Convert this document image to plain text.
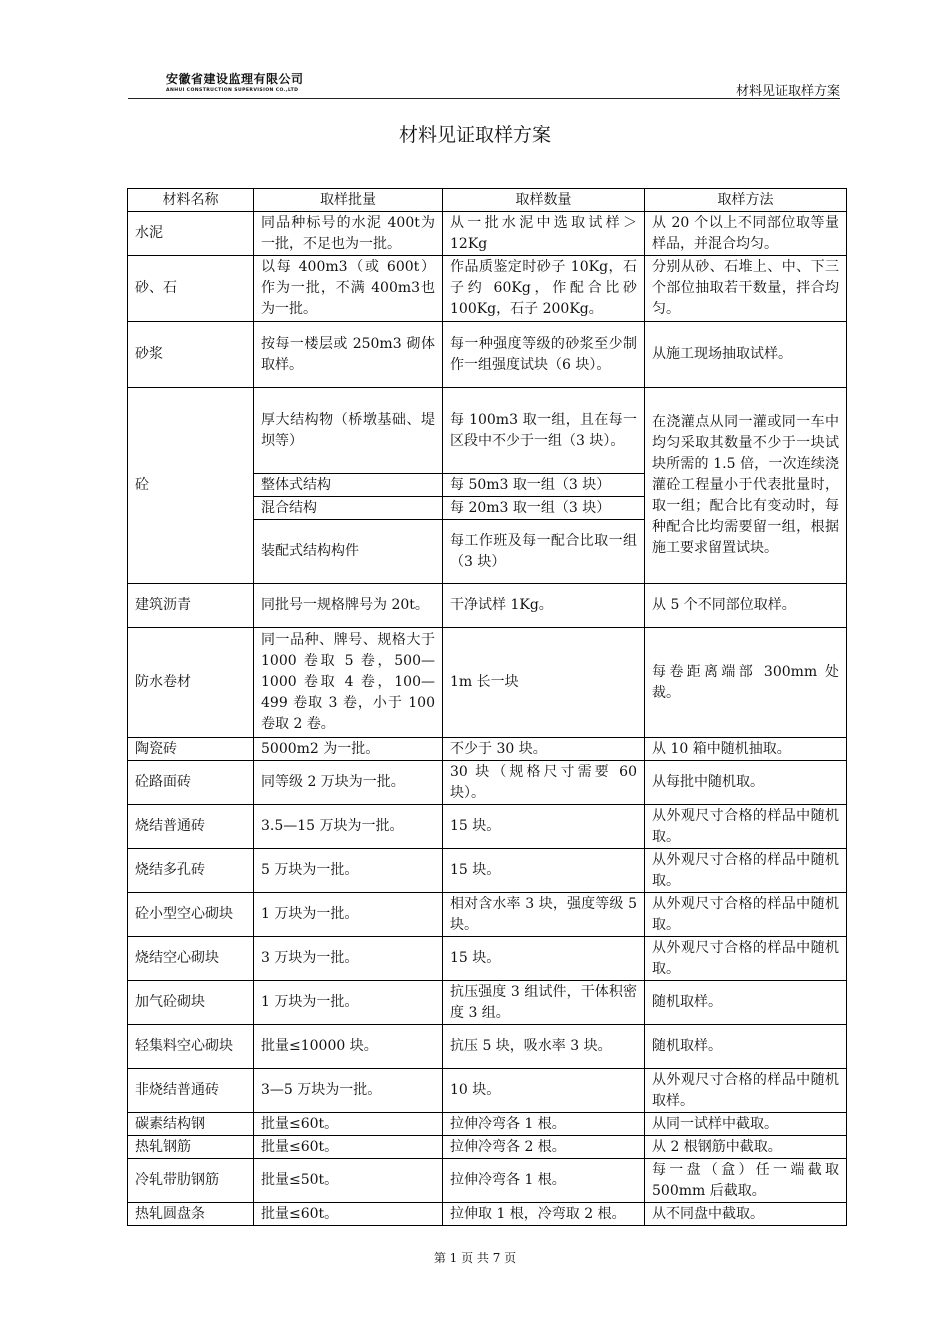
安徽省建设监理有限公司
ANHUI CONSTRUCTION SUPERVISION CO.,LTD	材料见证取样方案
材料见证取样方案
材料名称	取样批量	取样数量	取样方法
水泥	同品种标号的水泥 400t为一批，不足也为一批。	从一批水泥中选取试样＞12Kg	从 20 个以上不同部位取等量样品，并混合均匀。
砂、石	以每 400m3（或 600t）作为一批，不满 400m3也为一批。	作品质鉴定时砂子 10Kg，石子约 60Kg，作配合比砂 100Kg，石子 200Kg。	分别从砂、石堆上、中、下三个部位抽取若干数量，拌合均匀。
砂浆	按每一楼层或 250m3 砌体取样。	每一种强度等级的砂浆至少制作一组强度试块（6 块）。	从施工现场抽取试样。
砼	厚大结构物（桥墩基础、堤坝等）	每 100m3 取一组，且在每一区段中不少于一组（3 块）。	在浇灌点从同一灌或同一车中均匀采取其数量不少于一块试块所需的 1.5 倍，一次连续浇灌砼工程量小于代表批量时，取一组；配合比有变动时，每种配合比均需要留一组，根据施工要求留置试块。
	整体式结构	每 50m3 取一组（3 块）	
	混合结构	每 20m3 取一组（3 块）	
	装配式结构构件	每工作班及每一配合比取一组（3 块）	
建筑沥青	同批号一规格牌号为 20t。	干净试样 1Kg。	从 5 个不同部位取样。
防水卷材	同一品种、牌号、规格大于 1000 卷取 5 卷，500—1000 卷取 4 卷，100—499 卷取 3 卷，小于 100 卷取 2 卷。	1m 长一块	每卷距离端部 300mm 处裁。
陶瓷砖	5000m2 为一批。	不少于 30 块。	从 10 箱中随机抽取。
砼路面砖	同等级 2 万块为一批。	30 块（规格尺寸需要 60 块）。	从每批中随机取。
烧结普通砖	3.5—15 万块为一批。	15 块。	从外观尺寸合格的样品中随机取。
烧结多孔砖	5 万块为一批。	15 块。	从外观尺寸合格的样品中随机取。
砼小型空心砌块	1 万块为一批。	相对含水率 3 块，强度等级 5 块。	从外观尺寸合格的样品中随机取。
烧结空心砌块	3 万块为一批。	15 块。	从外观尺寸合格的样品中随机取。
加气砼砌块	1 万块为一批。	抗压强度 3 组试件，干体积密度 3 组。	随机取样。
轻集料空心砌块	批量≤10000 块。	抗压 5 块，吸水率 3 块。	随机取样。
非烧结普通砖	3—5 万块为一批。	10 块。	从外观尺寸合格的样品中随机取样。
碳素结构钢	批量≤60t。	拉伸冷弯各 1 根。	从同一试样中截取。
热轧钢筋	批量≤60t。	拉伸冷弯各 2 根。	从 2 根钢筋中截取。
冷轧带肋钢筋	批量≤50t。	拉伸冷弯各 1 根。	每一盘（盒）任一端截取 500mm 后截取。
热轧圆盘条	批量≤60t。	拉伸取 1 根，冷弯取 2 根。	从不同盘中截取。
第 1 页 共 7 页
